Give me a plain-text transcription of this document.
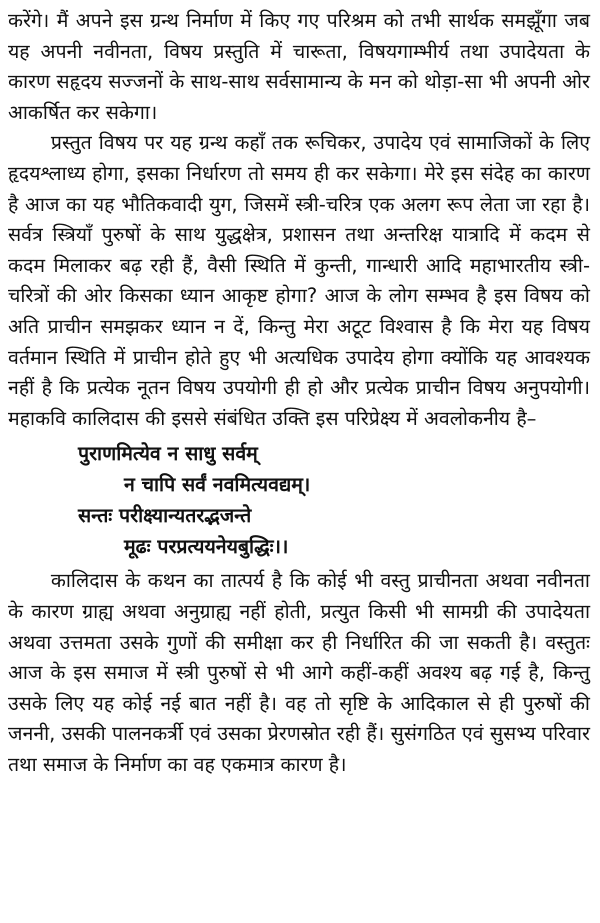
करेंगे। मैं अपने इस ग्रन्थ निर्माण में किए गए परिश्रम को तभी सार्थक समझूँगा जब यह अपनी नवीनता, विषय प्रस्तुति में चारूता, विषयगाम्भीर्य तथा उपादेयता के कारण सहृदय सज्जनों के साथ-साथ सर्वसामान्य के मन को थोड़ा-सा भी अपनी ओर आकर्षित कर सकेगा।

प्रस्तुत विषय पर यह ग्रन्थ कहाँ तक रूचिकर, उपादेय एवं सामाजिकों के लिए हृदयश्लाध्य होगा, इसका निर्धारण तो समय ही कर सकेगा। मेरे इस संदेह का कारण है आज का यह भौतिकवादी युग, जिसमें स्त्री-चरित्र एक अलग रूप लेता जा रहा है। सर्वत्र स्त्रियाँ पुरुषों के साथ युद्धक्षेत्र, प्रशासन तथा अन्तरिक्ष यात्रादि में कदम से कदम मिलाकर बढ़ रही हैं, वैसी स्थिति में कुन्ती, गान्धारी आदि महाभारतीय स्त्री-चरित्रों की ओर किसका ध्यान आकृष्ट होगा? आज के लोग सम्भव है इस विषय को अति प्राचीन समझकर ध्यान न दें, किन्तु मेरा अटूट विश्वास है कि मेरा यह विषय वर्तमान स्थिति में प्राचीन होते हुए भी अत्यधिक उपादेय होगा क्योंकि यह आवश्यक नहीं है कि प्रत्येक नूतन विषय उपयोगी ही हो और प्रत्येक प्राचीन विषय अनुपयोगी। महाकवि कालिदास की इससे संबंधित उक्ति इस परिप्रेक्ष्य में अवलोकनीय है–

पुराणमित्येव न साधु सर्वम्
न चापि सर्वं नवमित्यवद्यम्।
सन्तः परीक्ष्यान्यतरद्भजन्ते
मूढः परप्रत्ययनेयबुद्धिः।।

कालिदास के कथन का तात्पर्य है कि कोई भी वस्तु प्राचीनता अथवा नवीनता के कारण ग्राह्य अथवा अनुग्राह्य नहीं होती, प्रत्युत किसी भी सामग्री की उपादेयता अथवा उत्तमता उसके गुणों की समीक्षा कर ही निर्धारित की जा सकती है। वस्तुतः आज के इस समाज में स्त्री पुरुषों से भी आगे कहीं-कहीं अवश्य बढ़ गई है, किन्तु उसके लिए यह कोई नई बात नहीं है। वह तो सृष्टि के आदिकाल से ही पुरुषों की जननी, उसकी पालनकर्त्री एवं उसका प्रेरणस्रोत रही हैं। सुसंगठित एवं सुसभ्य परिवार तथा समाज के निर्माण का वह एकमात्र कारण है।
